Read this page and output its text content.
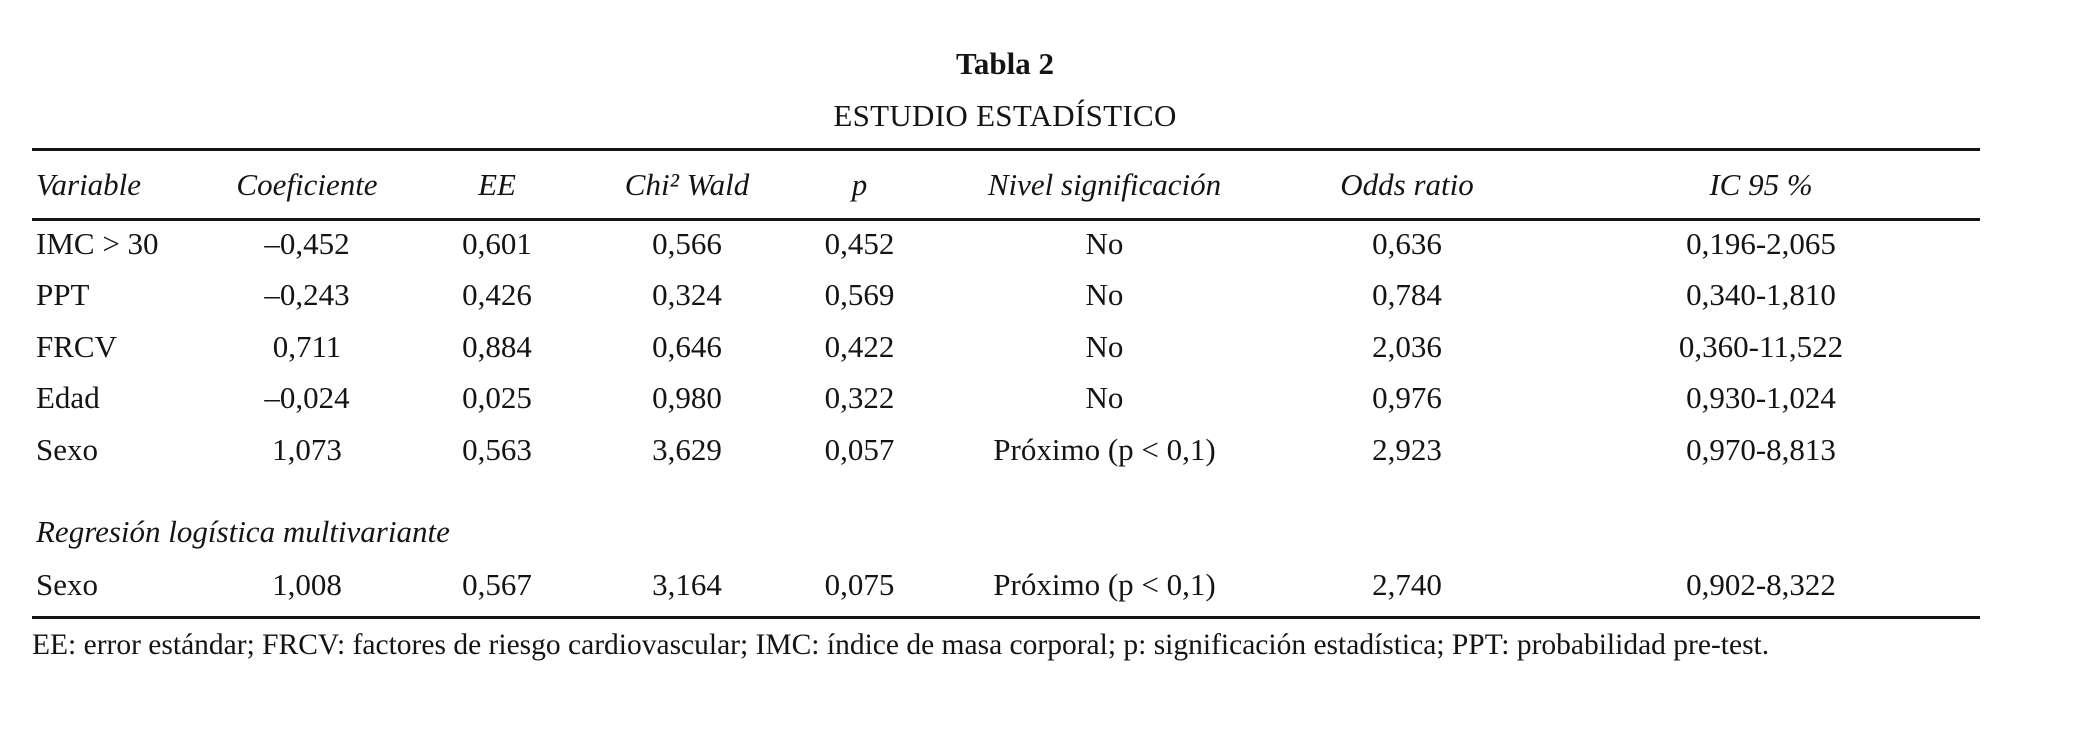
Tabla 2
ESTUDIO ESTADÍSTICO
Variable	Coeficiente	EE	Chi² Wald	p	Nivel significación	Odds ratio	IC 95 %
IMC > 30	–0,452	0,601	0,566	0,452	No	0,636	0,196-2,065
PPT	–0,243	0,426	0,324	0,569	No	0,784	0,340-1,810
FRCV	0,711	0,884	0,646	0,422	No	2,036	0,360-11,522
Edad	–0,024	0,025	0,980	0,322	No	0,976	0,930-1,024
Sexo	1,073	0,563	3,629	0,057	Próximo (p < 0,1)	2,923	0,970-8,813

Regresión logística multivariante							
Sexo	1,008	0,567	3,164	0,075	Próximo (p < 0,1)	2,740	0,902-8,322
EE: error estándar; FRCV: factores de riesgo cardiovascular; IMC: índice de masa corporal; p: significación estadística; PPT: probabilidad pre-test.
